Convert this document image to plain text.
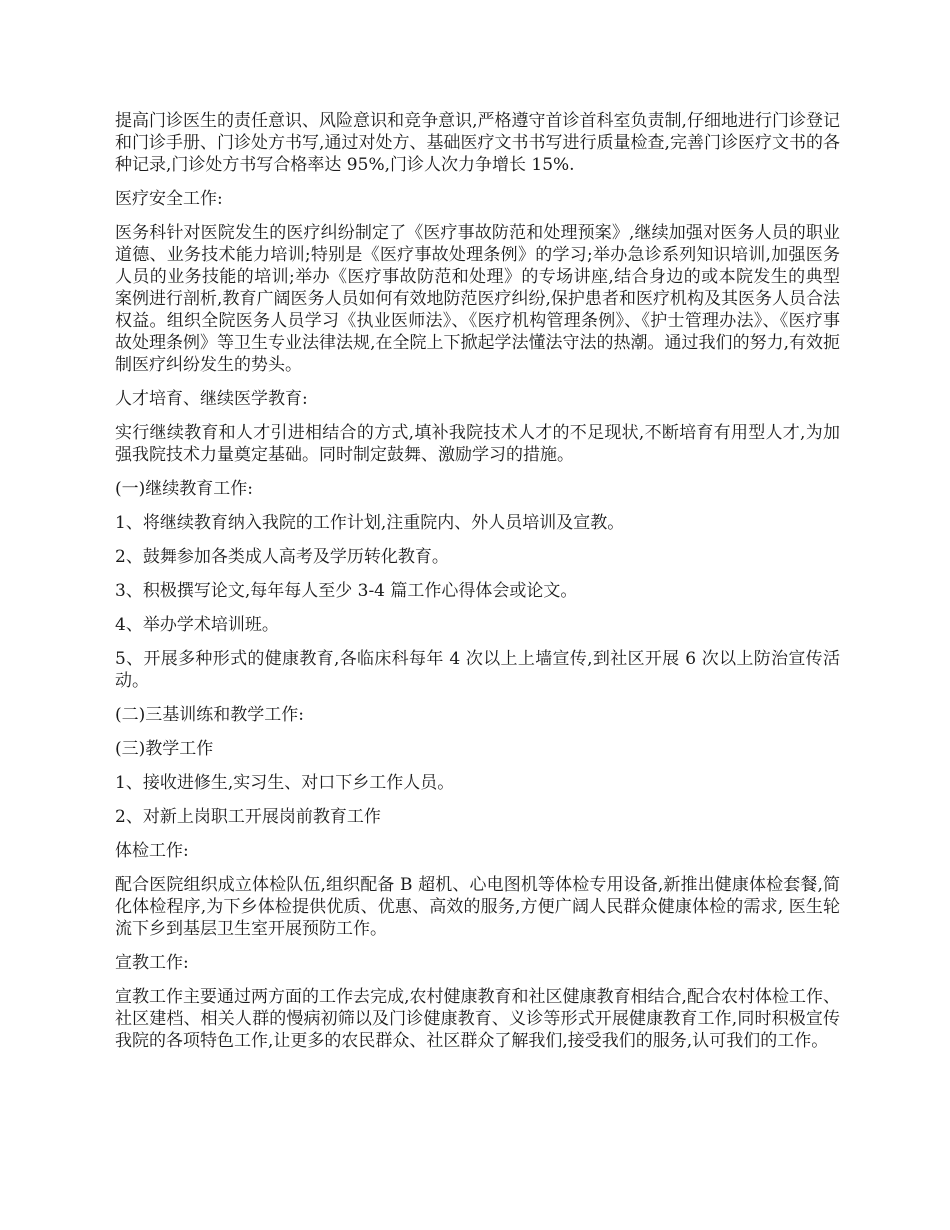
提高门诊医生的责任意识、风险意识和竞争意识,严格遵守首诊首科室负责制,仔细地进行门诊登记和门诊手册、门诊处方书写,通过对处方、基础医疗文书书写进行质量检查,完善门诊医疗文书的各种记录,门诊处方书写合格率达 95%,门诊人次力争增长 15%.

医疗安全工作:

医务科针对医院发生的医疗纠纷制定了《医疗事故防范和处理预案》,继续加强对医务人员的职业道德、业务技术能力培训;特别是《医疗事故处理条例》的学习;举办急诊系列知识培训,加强医务人员的业务技能的培训;举办《医疗事故防范和处理》的专场讲座,结合身边的或本院发生的典型案例进行剖析,教育广阔医务人员如何有效地防范医疗纠纷,保护患者和医疗机构及其医务人员合法权益。组织全院医务人员学习《执业医师法》、《医疗机构管理条例》、《护士管理办法》、《医疗事故处理条例》等卫生专业法律法规,在全院上下掀起学法懂法守法的热潮。通过我们的努力,有效扼制医疗纠纷发生的势头。

人才培育、继续医学教育:

实行继续教育和人才引进相结合的方式,填补我院技术人才的不足现状,不断培育有用型人才,为加强我院技术力量奠定基础。同时制定鼓舞、激励学习的措施。

(一)继续教育工作:

1、将继续教育纳入我院的工作计划,注重院内、外人员培训及宣教。

2、鼓舞参加各类成人高考及学历转化教育。

3、积极撰写论文,每年每人至少 3-4 篇工作心得体会或论文。

4、举办学术培训班。

5、开展多种形式的健康教育,各临床科每年 4 次以上上墙宣传,到社区开展 6 次以上防治宣传活动。

(二)三基训练和教学工作:

(三)教学工作

1、接收进修生,实习生、对口下乡工作人员。

2、对新上岗职工开展岗前教育工作

体检工作:

配合医院组织成立体检队伍,组织配备 B 超机、心电图机等体检专用设备,新推出健康体检套餐,简化体检程序,为下乡体检提供优质、优惠、高效的服务,方便广阔人民群众健康体检的需求, 医生轮流下乡到基层卫生室开展预防工作。

宣教工作:

宣教工作主要通过两方面的工作去完成,农村健康教育和社区健康教育相结合,配合农村体检工作、社区建档、相关人群的慢病初筛以及门诊健康教育、义诊等形式开展健康教育工作,同时积极宣传我院的各项特色工作,让更多的农民群众、社区群众了解我们,接受我们的服务,认可我们的工作。
